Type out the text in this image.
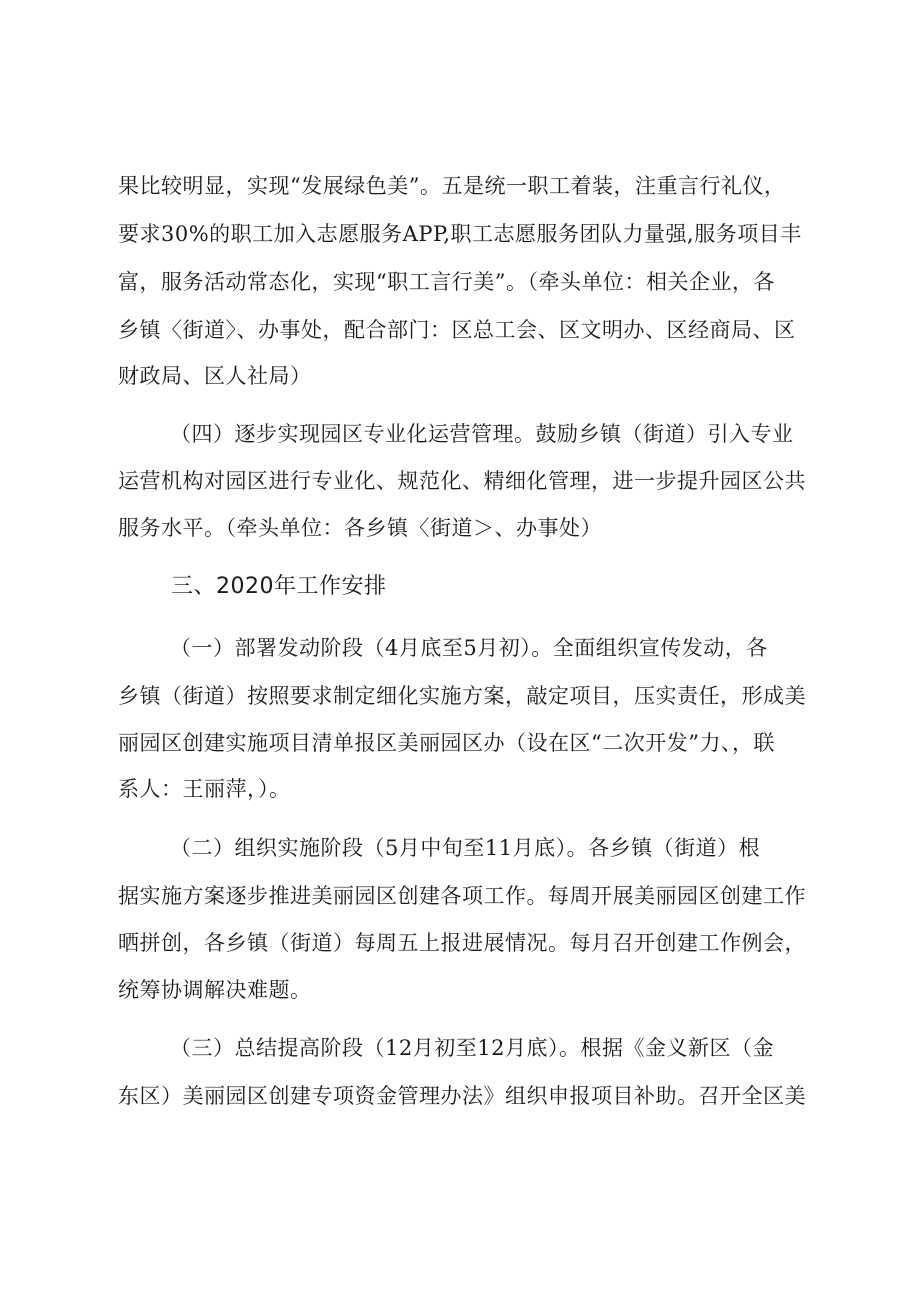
果比较明显，实现“发展绿色美”。五是统一职工着装，注重言行礼仪，
要求30%的职工加入志愿服务APP,职工志愿服务团队力量强,服务项目丰
富，服务活动常态化，实现“职工言行美”。（牵头单位：相关企业，各
乡镇〈街道〉、办事处，配合部门：区总工会、区文明办、区经商局、区
财政局、区人社局）
（四）逐步实现园区专业化运营管理。鼓励乡镇（街道）引入专业
运营机构对园区进行专业化、规范化、精细化管理，进一步提升园区公共
服务水平。（牵头单位：各乡镇〈街道＞、办事处）
三、2020年工作安排
（一）部署发动阶段（4月底至5月初）。全面组织宣传发动，各
乡镇（街道）按照要求制定细化实施方案，敲定项目，压实责任，形成美
丽园区创建实施项目清单报区美丽园区办（设在区“二次开发”力、，联
系人：王丽萍，）。
（二）组织实施阶段（5月中旬至11月底）。各乡镇（街道）根
据实施方案逐步推进美丽园区创建各项工作。每周开展美丽园区创建工作
晒拼创，各乡镇（街道）每周五上报进展情况。每月召开创建工作例会，
统筹协调解决难题。
（三）总结提高阶段（12月初至12月底）。根据《金义新区（金
东区）美丽园区创建专项资金管理办法》组织申报项目补助。召开全区美
